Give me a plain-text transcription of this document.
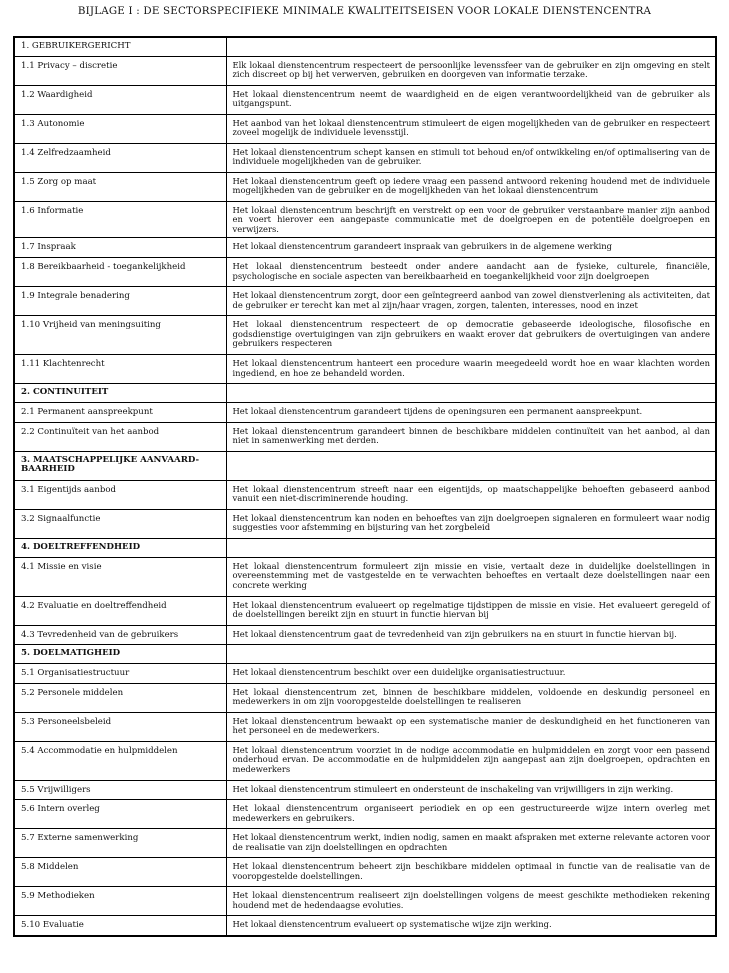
BIJLAGE I : DE SECTORSPECIFIEKE MINIMALE KWALITEITSEISEN VOOR LOKALE DIENSTENCENTRA
1. GEBRUIKERGERICHT	
1.1 Privacy – discretie	Elk lokaal dienstencentrum respecteert de persoonlijke levenssfeer van de gebruiker en zijn omgeving en stelt zich discreet op bij het verwerven, gebruiken en doorgeven van informatie terzake.
1.2 Waardigheid	Het lokaal dienstencentrum neemt de waardigheid en de eigen verantwoordelijkheid van de gebruiker als uitgangspunt.
1.3 Autonomie	Het aanbod van het lokaal dienstencentrum stimuleert de eigen mogelijkheden van de gebruiker en respecteert zoveel mogelijk de individuele levensstijl.
1.4 Zelfredzaamheid	Het lokaal dienstencentrum schept kansen en stimuli tot behoud en/of ontwikkeling en/of optimalisering van de individuele mogelijkheden van de gebruiker.
1.5 Zorg op maat	Het lokaal dienstencentrum geeft op iedere vraag een passend antwoord rekening houdend met de individuele mogelijkheden van de gebruiker en de mogelijkheden van het lokaal dienstencentrum
1.6 Informatie	Het lokaal dienstencentrum beschrijft en verstrekt op een voor de gebruiker verstaanbare manier zijn aanbod en voert hierover een aangepaste communicatie met de doelgroepen en de potentiële doelgroepen en verwijzers.
1.7 Inspraak	Het lokaal dienstencentrum garandeert inspraak van gebruikers in de algemene werking
1.8 Bereikbaarheid - toegankelijkheid	Het lokaal dienstencentrum besteedt onder andere aandacht aan de fysieke, culturele, financiële, psychologische en sociale aspecten van bereikbaarheid en toegankelijkheid voor zijn doelgroepen
1.9 Integrale benadering	Het lokaal dienstencentrum zorgt, door een geïntegreerd aanbod van zowel dienstverlening als activiteiten, dat de gebruiker er terecht kan met al zijn/haar vragen, zorgen, talenten, interesses, nood en inzet
1.10 Vrijheid van meningsuiting	Het lokaal dienstencentrum respecteert de op democratie gebaseerde ideologische, filosofische en godsdienstige overtuigingen van zijn gebruikers en waakt erover dat gebruikers de overtuigingen van andere gebruikers respecteren
1.11 Klachtenrecht	Het lokaal dienstencentrum hanteert een procedure waarin meegedeeld wordt hoe en waar klachten worden ingediend, en hoe ze behandeld worden.
2. CONTINUITEIT	
2.1 Permanent aanspreekpunt	Het lokaal dienstencentrum garandeert tijdens de openingsuren een permanent aanspreekpunt.
2.2 Continuïteit van het aanbod	Het lokaal dienstencentrum garandeert binnen de beschikbare middelen continuïteit van het aanbod, al dan niet in samenwerking met derden.
3. MAATSCHAPPELIJKE AANVAARD-BAARHEID	
3.1 Eigentijds aanbod	Het lokaal dienstencentrum streeft naar een eigentijds, op maatschappelijke behoeften gebaseerd aanbod vanuit een niet-discriminerende houding.
3.2 Signaalfunctie	Het lokaal dienstencentrum kan noden en behoeftes van zijn doelgroepen signaleren en formuleert waar nodig suggesties voor afstemming en bijsturing van het zorgbeleid
4. DOELTREFFENDHEID	
4.1 Missie en visie	Het lokaal dienstencentrum formuleert zijn missie en visie, vertaalt deze in duidelijke doelstellingen in overeenstemming met de vastgestelde en te verwachten behoeftes en vertaalt deze doelstellingen naar een concrete werking
4.2 Evaluatie en doeltreffendheid	Het lokaal dienstencentrum evalueert op regelmatige tijdstippen de missie en visie. Het evalueert geregeld of de doelstellingen bereikt zijn en stuurt in functie hiervan bij
4.3 Tevredenheid van de gebruikers	Het lokaal dienstencentrum gaat de tevredenheid van zijn gebruikers na en stuurt in functie hiervan bij.
5. DOELMATIGHEID	
5.1 Organisatiestructuur	Het lokaal dienstencentrum beschikt over een duidelijke organisatiestructuur.
5.2 Personele middelen	Het lokaal dienstencentrum zet, binnen de beschikbare middelen, voldoende en deskundig personeel en medewerkers in om zijn vooropgestelde doelstellingen te realiseren
5.3 Personeelsbeleid	Het lokaal dienstencentrum bewaakt op een systematische manier de deskundigheid en het functioneren van het personeel en de medewerkers.
5.4 Accommodatie en hulpmiddelen	Het lokaal dienstencentrum voorziet in de nodige accommodatie en hulpmiddelen en zorgt voor een passend onderhoud ervan. De accommodatie en de hulpmiddelen zijn aangepast aan zijn doelgroepen, opdrachten en medewerkers
5.5 Vrijwilligers	Het lokaal dienstencentrum stimuleert en ondersteunt de inschakeling van vrijwilligers in zijn werking.
5.6 Intern overleg	Het lokaal dienstencentrum organiseert periodiek en op een gestructureerde wijze intern overleg met medewerkers en gebruikers.
5.7 Externe samenwerking	Het lokaal dienstencentrum werkt, indien nodig, samen en maakt afspraken met externe relevante actoren voor de realisatie van zijn doelstellingen en opdrachten
5.8 Middelen	Het lokaal dienstencentrum beheert zijn beschikbare middelen optimaal in functie van de realisatie van de vooropgestelde doelstellingen.
5.9 Methodieken	Het lokaal dienstencentrum realiseert zijn doelstellingen volgens de meest geschikte methodieken rekening houdend met de hedendaagse evoluties.
5.10 Evaluatie	Het lokaal dienstencentrum evalueert op systematische wijze zijn werking.
